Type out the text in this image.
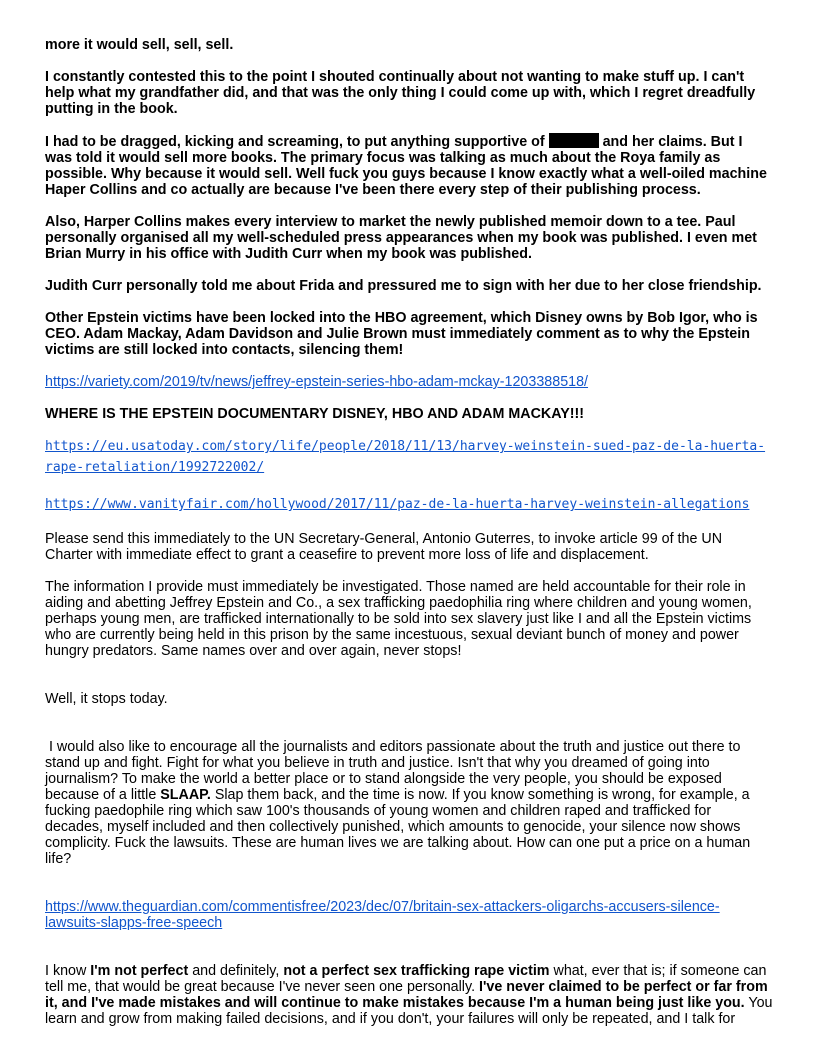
more it would sell, sell, sell.

I constantly contested this to the point I shouted continually about not wanting to make stuff up. I can't help what my grandfather did, and that was the only thing I could come up with, which I regret dreadfully putting in the book.

I had to be dragged, kicking and screaming, to put anything supportive of	and her claims. But I was told it would sell more books. The primary focus was talking as much about the Roya family as possible. Why because it would sell. Well fuck you guys because I know exactly what a well-oiled machine Haper Collins and co actually are because I've been there every step of their publishing process.

Also, Harper Collins makes every interview to market the newly published memoir down to a tee. Paul personally organised all my well-scheduled press appearances when my book was published. I even met Brian Murry in his office with Judith Curr when my book was published.

Judith Curr personally told me about Frida and pressured me to sign with her due to her close friendship.

Other Epstein victims have been locked into the HBO agreement, which Disney owns by Bob Igor, who is CEO. Adam Mackay, Adam Davidson and Julie Brown must immediately comment as to why the Epstein victims are still locked into contacts, silencing them!

https://variety.com/2019/tv/news/jeffrey-epstein-series-hbo-adam-mckay-1203388518/

WHERE IS THE EPSTEIN DOCUMENTARY DISNEY, HBO AND ADAM MACKAY!!!

https://eu.usatoday.com/story/life/people/2018/11/13/harvey-weinstein-sued-paz-de-la-huerta-rape-retaliation/1992722002/

https://www.vanityfair.com/hollywood/2017/11/paz-de-la-huerta-harvey-weinstein-allegations

Please send this immediately to the UN Secretary-General, Antonio Guterres, to invoke article 99 of the UN Charter with immediate effect to grant a ceasefire to prevent more loss of life and displacement.

The information I provide must immediately be investigated. Those named are held accountable for their role in aiding and abetting Jeffrey Epstein and Co., a sex trafficking paedophilia ring where children and young women, perhaps young men, are trafficked internationally to be sold into sex slavery just like I and all the Epstein victims who are currently being held in this prison by the same incestuous, sexual deviant bunch of money and power hungry predators. Same names over and over again, never stops!

Well, it stops today.

I would also like to encourage all the journalists and editors passionate about the truth and justice out there to stand up and fight. Fight for what you believe in truth and justice. Isn't that why you dreamed of going into journalism? To make the world a better place or to stand alongside the very people, you should be exposed because of a little SLAAP. Slap them back, and the time is now. If you know something is wrong, for example, a fucking paedophile ring which saw 100's thousands of young women and children raped and trafficked for decades, myself included and then collectively punished, which amounts to genocide, your silence now shows complicity. Fuck the lawsuits. These are human lives we are talking about. How can one put a price on a human life?

https://www.theguardian.com/commentisfree/2023/dec/07/britain-sex-attackers-oligarchs-accusers-silence-lawsuits-slapps-free-speech

I know I'm not perfect and definitely, not a perfect sex trafficking rape victim what, ever that is; if someone can tell me, that would be great because I've never seen one personally. I've never claimed to be perfect or far from it, and I've made mistakes and will continue to make mistakes because I'm a human being just like you. You learn and grow from making failed decisions, and if you don't, your failures will only be repeated, and I talk for
